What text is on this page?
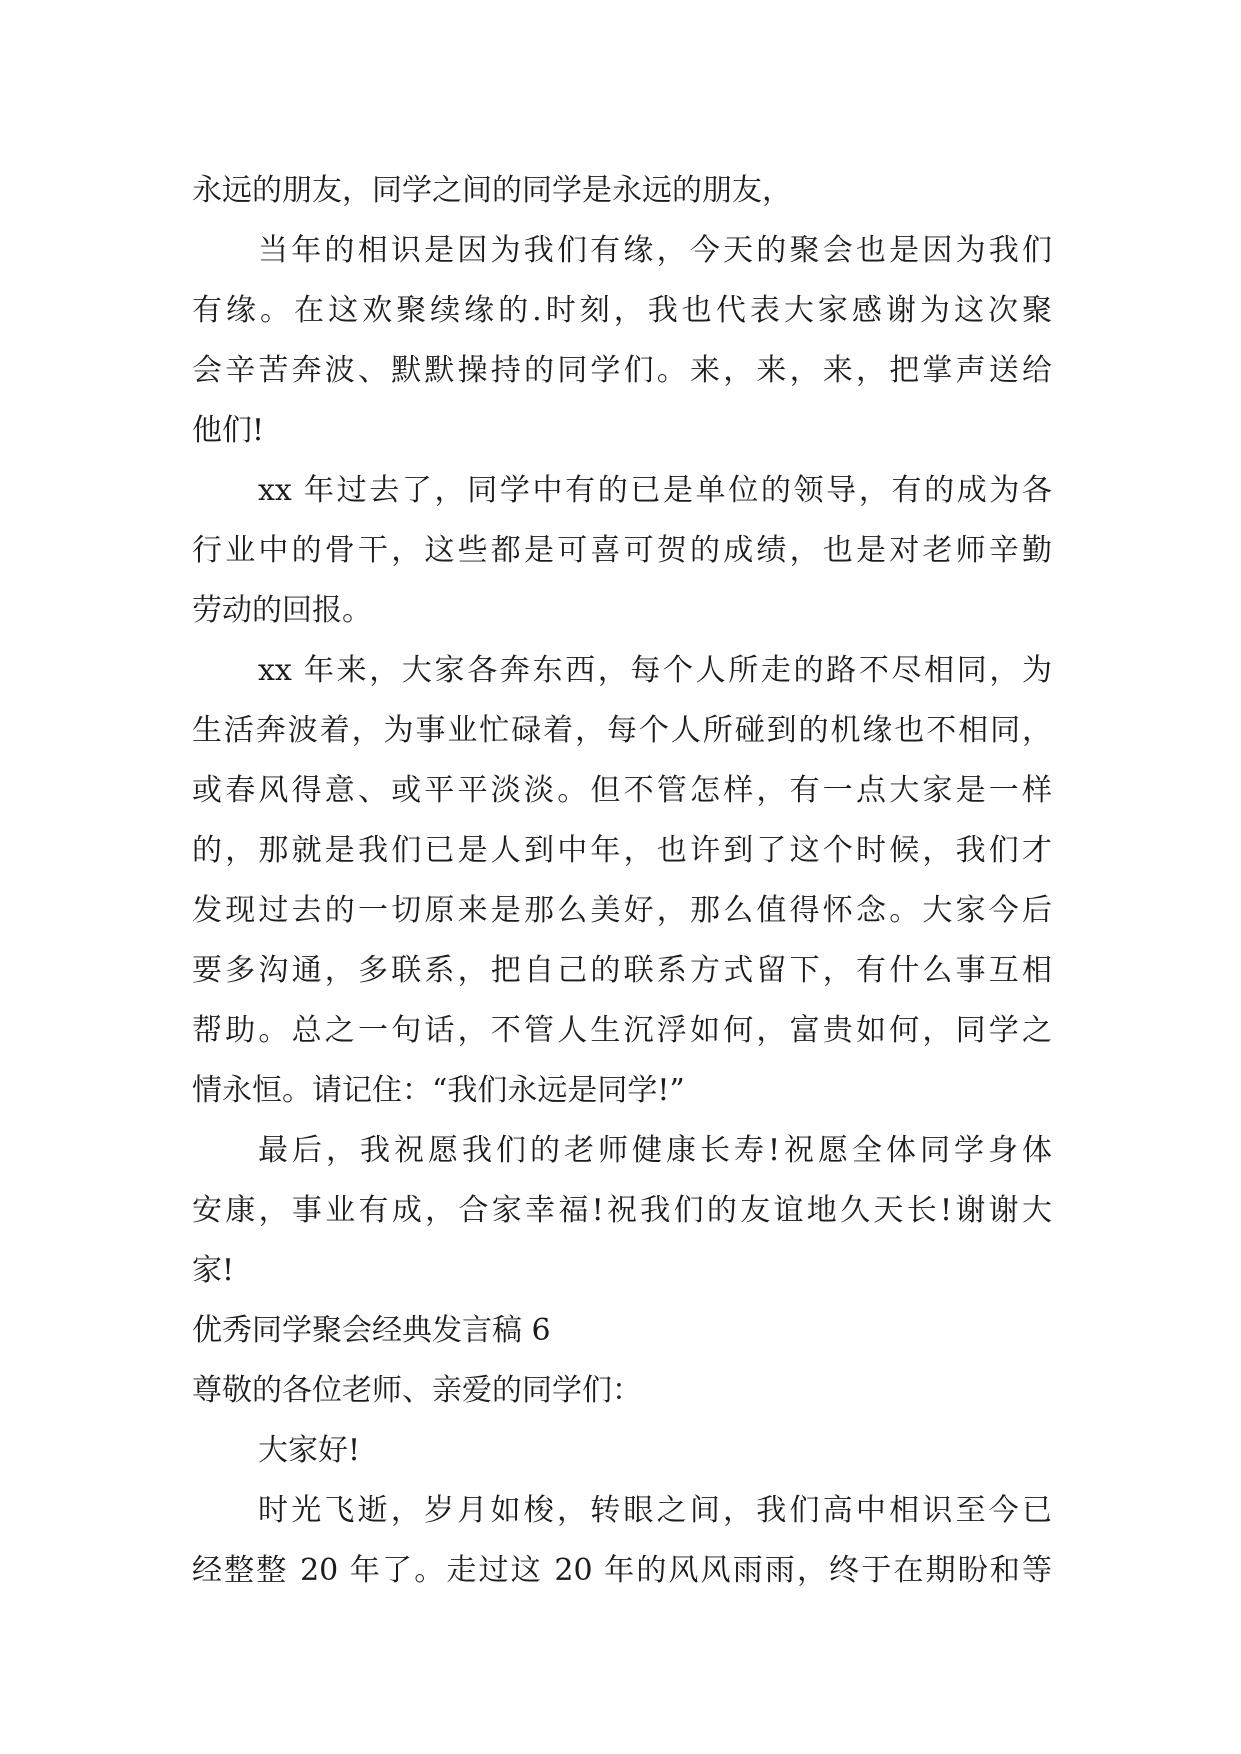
永远的朋友，同学之间的同学是永远的朋友，
当年的相识是因为我们有缘，今天的聚会也是因为我们
有缘。在这欢聚续缘的.时刻，我也代表大家感谢为这次聚
会辛苦奔波、默默操持的同学们。来，来，来，把掌声送给
他们!
xx 年过去了，同学中有的已是单位的领导，有的成为各
行业中的骨干，这些都是可喜可贺的成绩，也是对老师辛勤
劳动的回报。
xx 年来，大家各奔东西，每个人所走的路不尽相同，为
生活奔波着，为事业忙碌着，每个人所碰到的机缘也不相同，
或春风得意、或平平淡淡。但不管怎样，有一点大家是一样
的，那就是我们已是人到中年，也许到了这个时候，我们才
发现过去的一切原来是那么美好，那么值得怀念。大家今后
要多沟通，多联系，把自己的联系方式留下，有什么事互相
帮助。总之一句话，不管人生沉浮如何，富贵如何，同学之
情永恒。请记住：“我们永远是同学!”
最后，我祝愿我们的老师健康长寿!祝愿全体同学身体
安康，事业有成，合家幸福!祝我们的友谊地久天长!谢谢大
家!
优秀同学聚会经典发言稿 6
尊敬的各位老师、亲爱的同学们：
大家好!
时光飞逝，岁月如梭，转眼之间，我们高中相识至今已
经整整 20 年了。走过这 20 年的风风雨雨，终于在期盼和等
